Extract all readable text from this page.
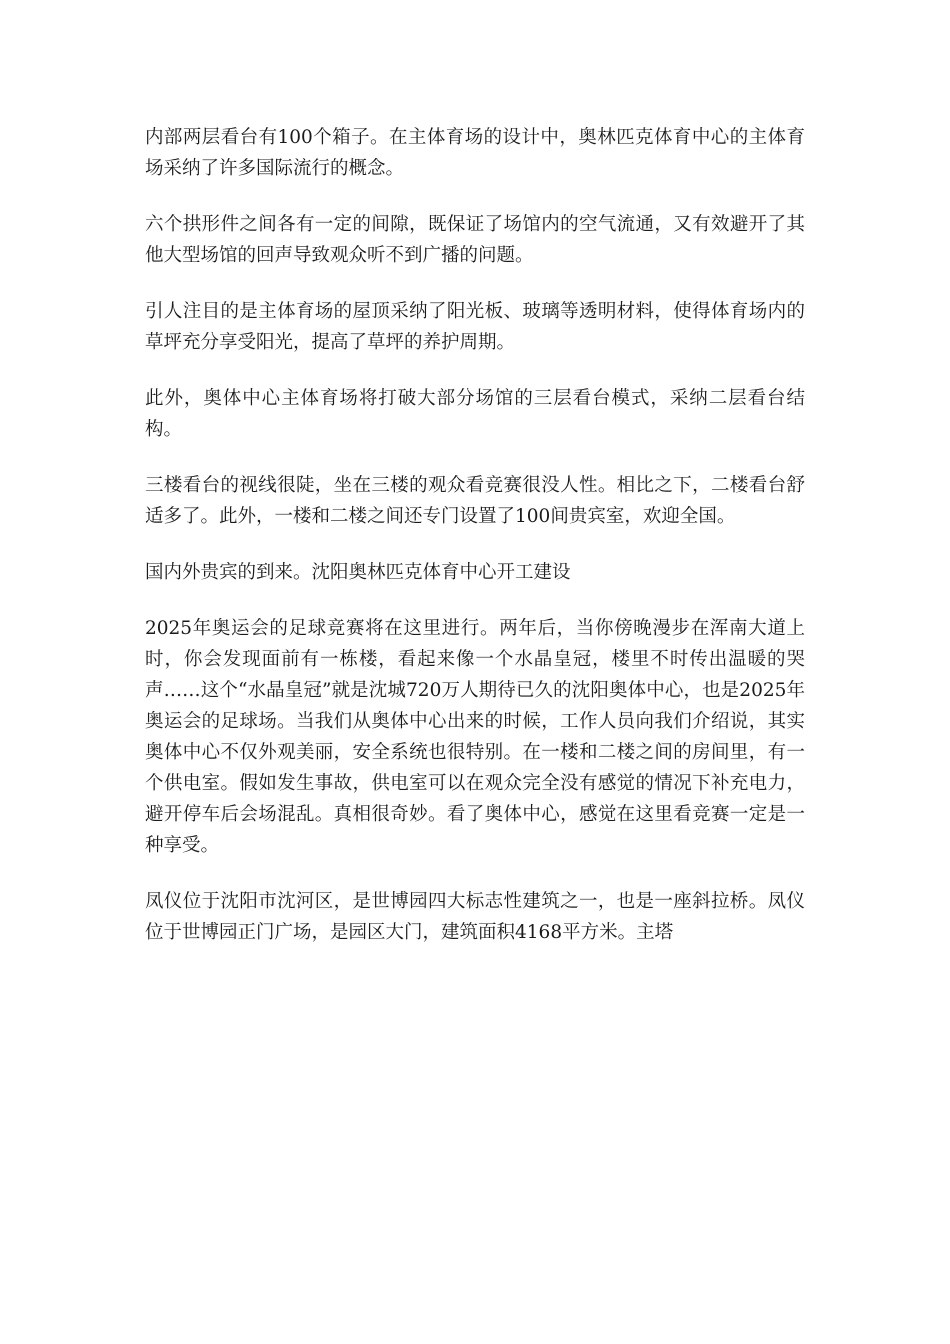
内部两层看台有100个箱子。在主体育场的设计中，奥林匹克体育中心的主体育场采纳了许多国际流行的概念。

六个拱形件之间各有一定的间隙，既保证了场馆内的空气流通，又有效避开了其他大型场馆的回声导致观众听不到广播的问题。

引人注目的是主体育场的屋顶采纳了阳光板、玻璃等透明材料，使得体育场内的草坪充分享受阳光，提高了草坪的养护周期。

此外，奥体中心主体育场将打破大部分场馆的三层看台模式，采纳二层看台结构。

三楼看台的视线很陡，坐在三楼的观众看竞赛很没人性。相比之下，二楼看台舒适多了。此外，一楼和二楼之间还专门设置了100间贵宾室，欢迎全国。

国内外贵宾的到来。沈阳奥林匹克体育中心开工建设

2025年奥运会的足球竞赛将在这里进行。两年后，当你傍晚漫步在浑南大道上时，你会发现面前有一栋楼，看起来像一个水晶皇冠，楼里不时传出温暖的哭声……这个“水晶皇冠”就是沈城720万人期待已久的沈阳奥体中心，也是2025年奥运会的足球场。当我们从奥体中心出来的时候，工作人员向我们介绍说，其实奥体中心不仅外观美丽，安全系统也很特别。在一楼和二楼之间的房间里，有一个供电室。假如发生事故，供电室可以在观众完全没有感觉的情况下补充电力，避开停车后会场混乱。真相很奇妙。看了奥体中心，感觉在这里看竞赛一定是一种享受。

凤仪位于沈阳市沈河区，是世博园四大标志性建筑之一，也是一座斜拉桥。凤仪位于世博园正门广场，是园区大门，建筑面积4168平方米。主塔
